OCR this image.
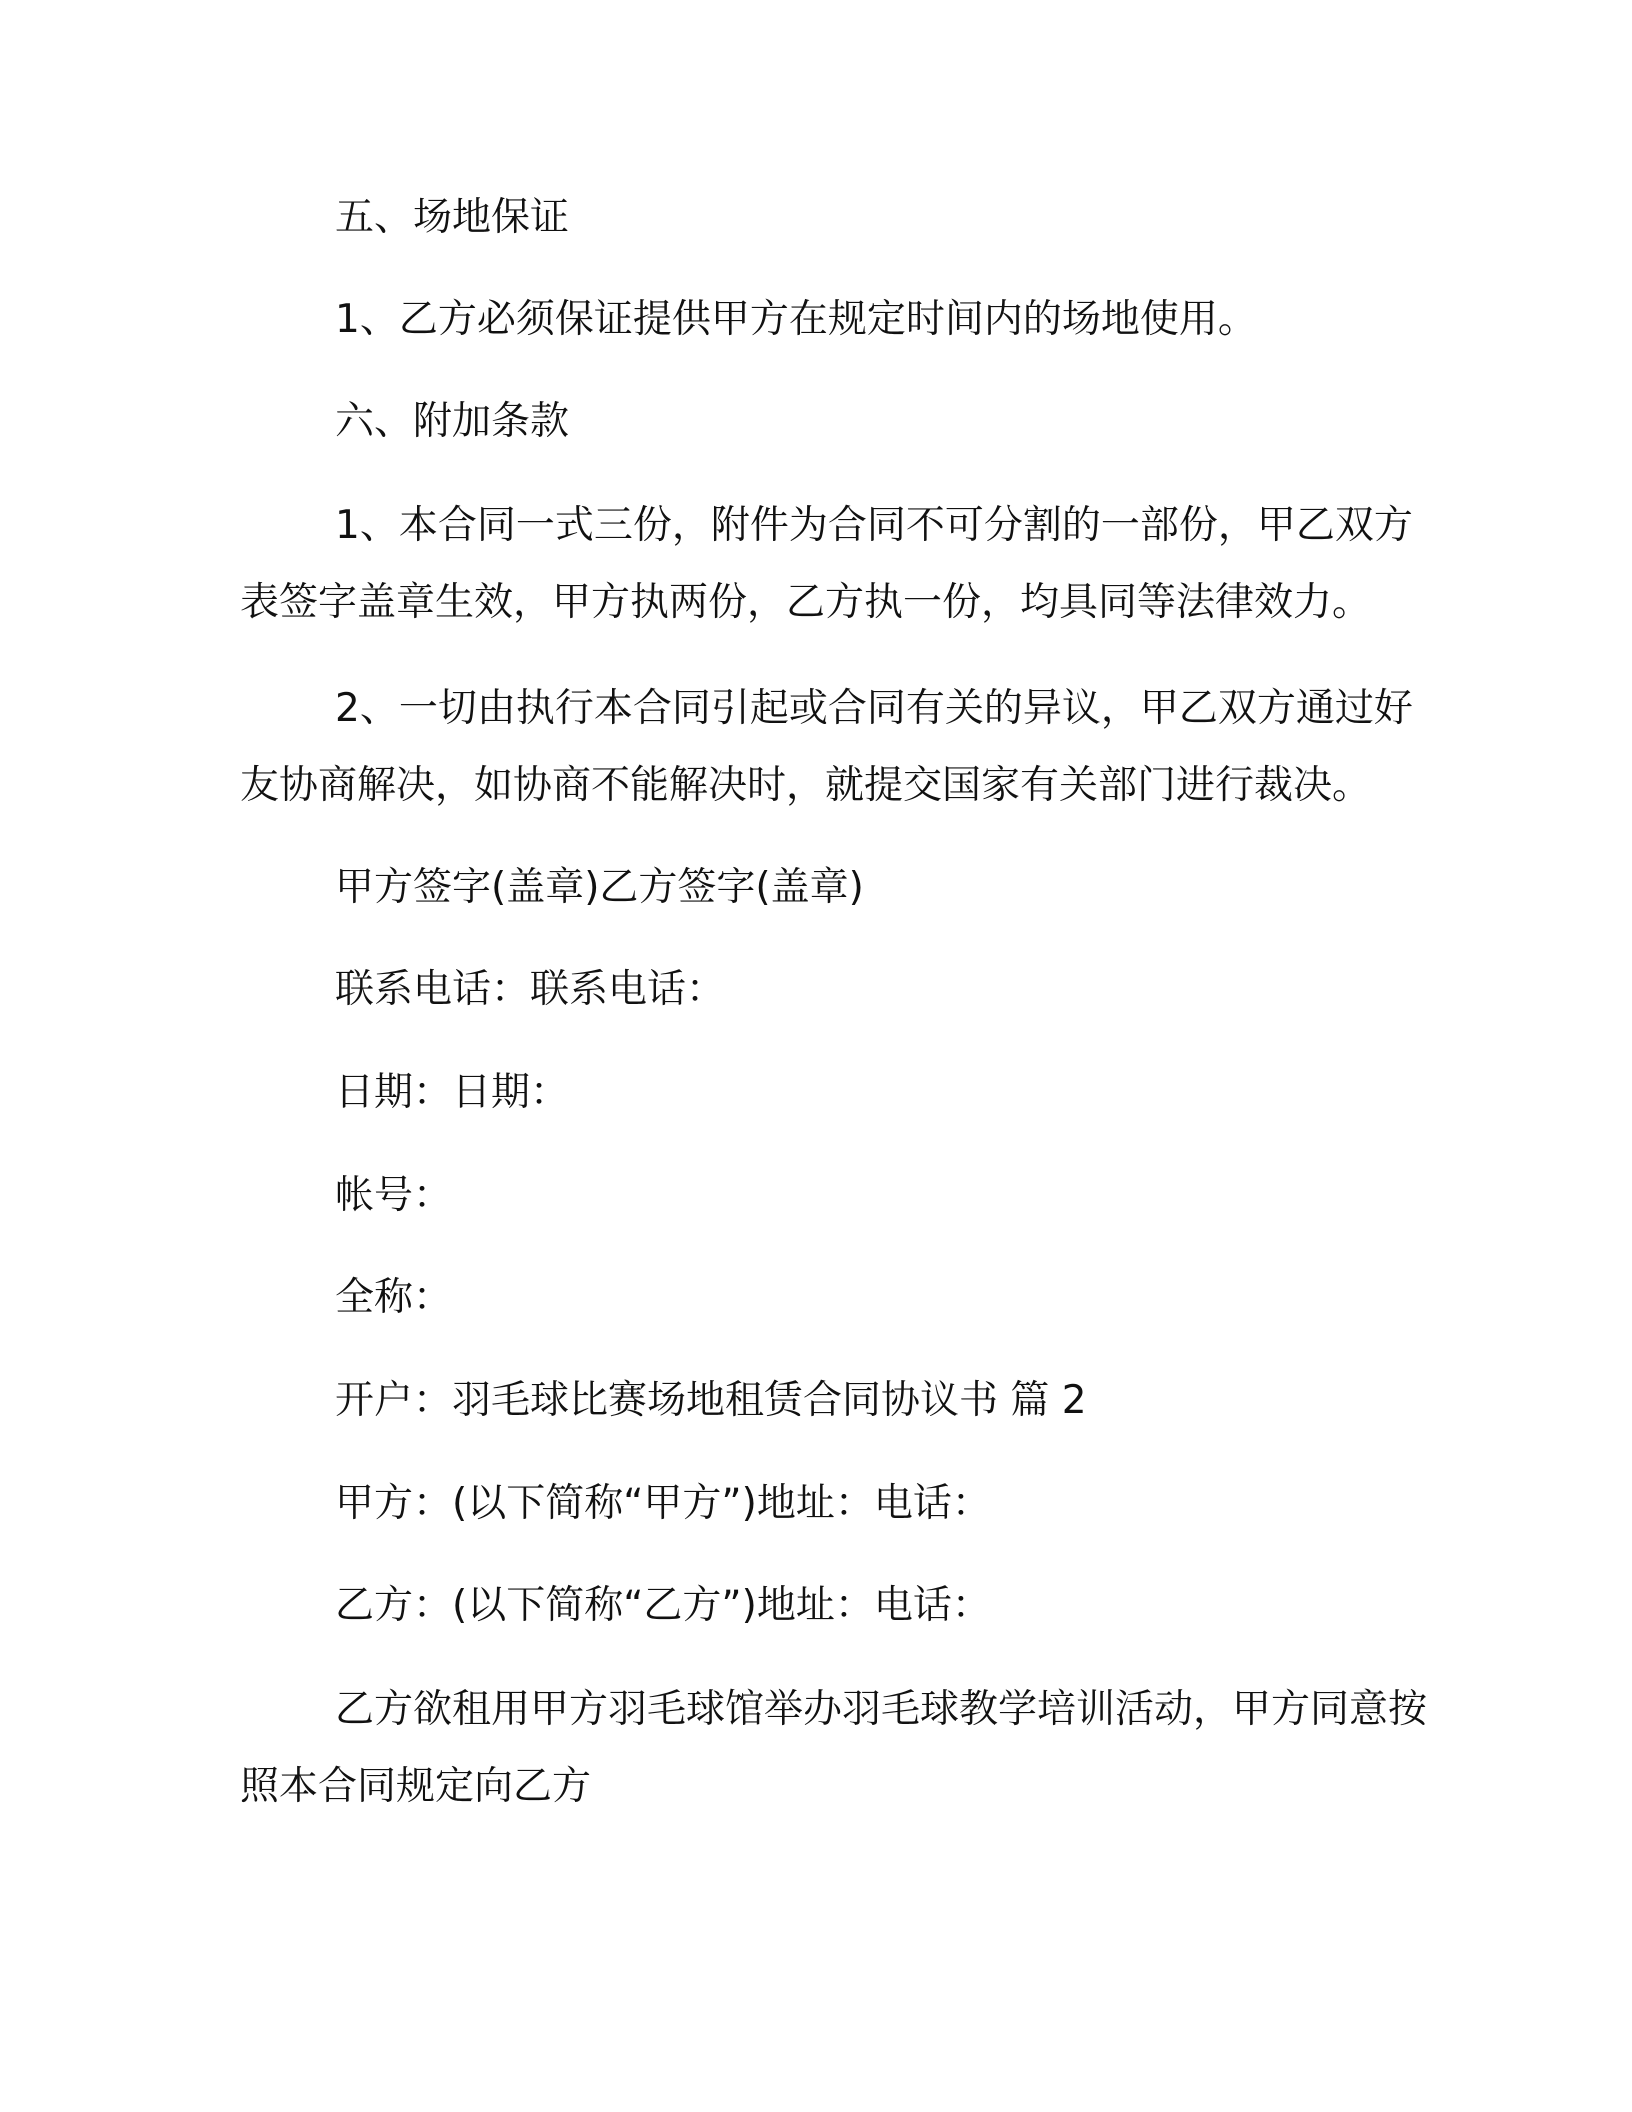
五、场地保证

1、乙方必须保证提供甲方在规定时间内的场地使用。

六、附加条款

1、本合同一式三份，附件为合同不可分割的一部份，甲乙双方
表签字盖章生效，甲方执两份，乙方执一份，均具同等法律效力。
2、一切由执行本合同引起或合同有关的异议，甲乙双方通过好
友协商解决，如协商不能解决时，就提交国家有关部门进行裁决。

甲方签字(盖章)乙方签字(盖章)

联系电话：联系电话：

日期：日期：

帐号：

全称：

开户：羽毛球比赛场地租赁合同协议书 篇 2

甲方：(以下简称“甲方”)地址：电话：

乙方：(以下简称“乙方”)地址：电话：

乙方欲租用甲方羽毛球馆举办羽毛球教学培训活动，甲方同意按
照本合同规定向乙方
